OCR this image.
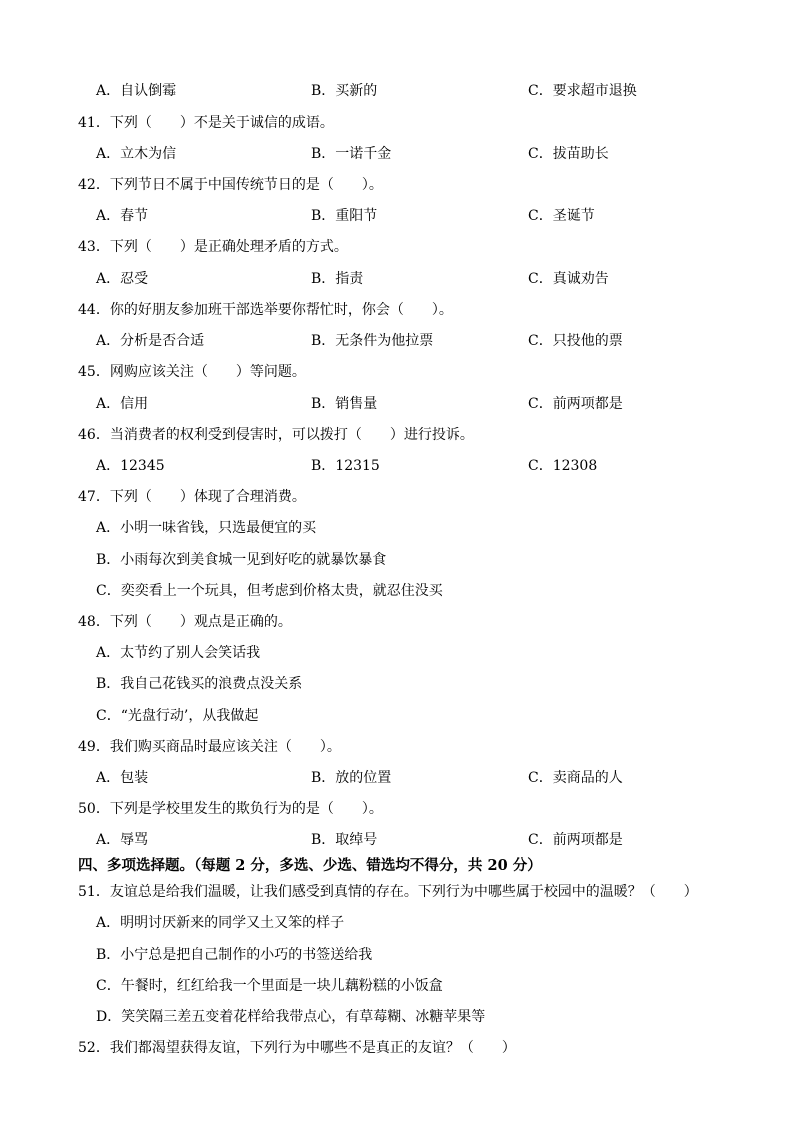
A．自认倒霉	B．买新的	C．要求超市退换
41．下列（　　）不是关于诚信的成语。
A．立木为信	B．一诺千金	C．拔苗助长
42．下列节日不属于中国传统节日的是（　　）。
A．春节	B．重阳节	C．圣诞节
43．下列（　　）是正确处理矛盾的方式。
A．忍受	B．指责	C．真诚劝告
44．你的好朋友参加班干部选举要你帮忙时，你会（　　）。
A．分析是否合适	B．无条件为他拉票	C．只投他的票
45．网购应该关注（　　）等问题。
A．信用	B．销售量	C．前两项都是
46．当消费者的权利受到侵害时，可以拨打（　　）进行投诉。
A．12345	B．12315	C．12308
47．下列（　　）体现了合理消费。
A．小明一味省钱，只选最便宜的买
B．小雨每次到美食城一见到好吃的就暴饮暴食
C．奕奕看上一个玩具，但考虑到价格太贵，就忍住没买
48．下列（　　）观点是正确的。
A．太节约了别人会笑话我
B．我自己花钱买的浪费点没关系
C．“光盘行动’，从我做起
49．我们购买商品时最应该关注（　　）。
A．包装	B．放的位置	C．卖商品的人
50．下列是学校里发生的欺负行为的是（　　）。
A．辱骂	B．取绰号	C．前两项都是
四、多项选择题。（每题 2 分，多选、少选、错选均不得分，共 20 分）
51．友谊总是给我们温暖，让我们感受到真情的存在。下列行为中哪些属于校园中的温暖？（　　）
A．明明讨厌新来的同学又土又笨的样子
B．小宁总是把自己制作的小巧的书签送给我
C．午餐时，红红给我一个里面是一块儿藕粉糕的小饭盒
D．笑笑隔三差五变着花样给我带点心，有草莓糊、冰糖苹果等
52．我们都渴望获得友谊，下列行为中哪些不是真正的友谊？（　　）
